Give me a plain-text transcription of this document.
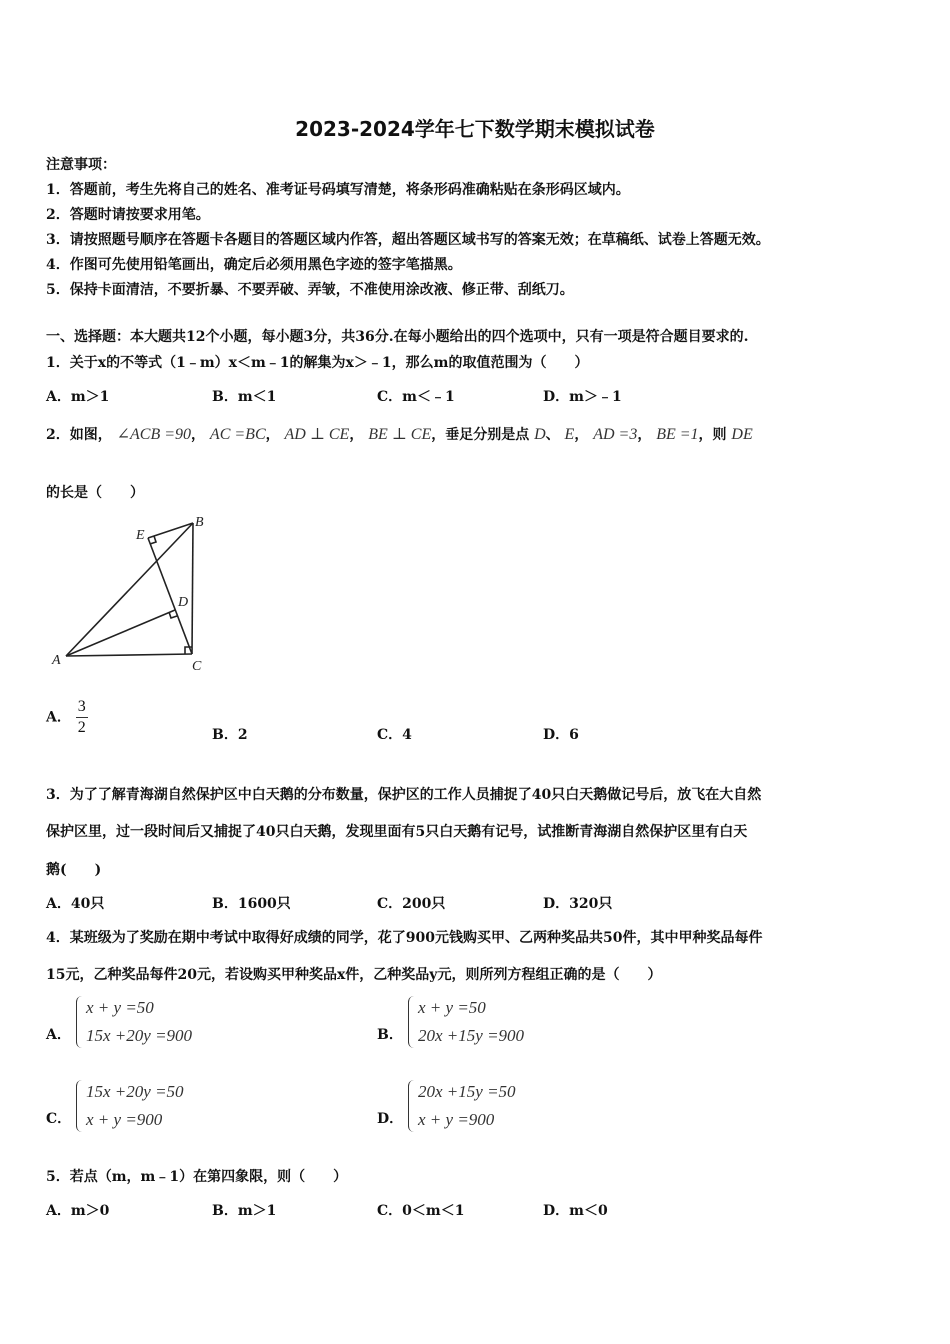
2023-2024学年七下数学期末模拟试卷
注意事项：
1．答题前，考生先将自己的姓名、准考证号码填写清楚，将条形码准确粘贴在条形码区域内。
2．答题时请按要求用笔。
3．请按照题号顺序在答题卡各题目的答题区域内作答，超出答题区域书写的答案无效；在草稿纸、试卷上答题无效。
4．作图可先使用铅笔画出，确定后必须用黑色字迹的签字笔描黑。
5．保持卡面清洁，不要折暴、不要弄破、弄皱，不准使用涂改液、修正带、刮纸刀。
一、选择题：本大题共12个小题，每小题3分，共36分.在每小题给出的四个选项中，只有一项是符合题目要求的.
1．关于x的不等式（1﹣m）x＜m﹣1的解集为x＞﹣1，那么m的取值范围为（　　）
A．m＞1	B．m＜1	C．m＜﹣1	D．m＞﹣1
2．如图， ∠ACB =90， AC =BC， AD ⊥ CE， BE ⊥ CE，垂足分别是点 D、 E， AD =3， BE =1，则 DE
的长是（　　）
E
B
D
A	C
A． $\frac{3}{2}$	B．2	C．4	D．6
3．为了了解青海湖自然保护区中白天鹅的分布数量，保护区的工作人员捕捉了40只白天鹅做记号后，放飞在大自然
保护区里，过一段时间后又捕捉了40只白天鹅，发现里面有5只白天鹅有记号，试推断青海湖自然保护区里有白天
鹅(　　)
A．40只	B．1600只	C．200只	D．320只
4．某班级为了奖励在期中考试中取得好成绩的同学，花了900元钱购买甲、乙两种奖品共50件，其中甲种奖品每件
15元，乙种奖品每件20元，若设购买甲种奖品x件，乙种奖品y元，则所列方程组正确的是（　　）
A．
x + y =50
15x +20y =900	B．
x + y =50
20x +15y =900
C．
15x +20y =50
x + y =900	D．
20x +15y =50
x + y =900
5．若点（m，m﹣1）在第四象限，则（　　）
A．m＞0	B．m＞1	C．0＜m＜1	D．m＜0
